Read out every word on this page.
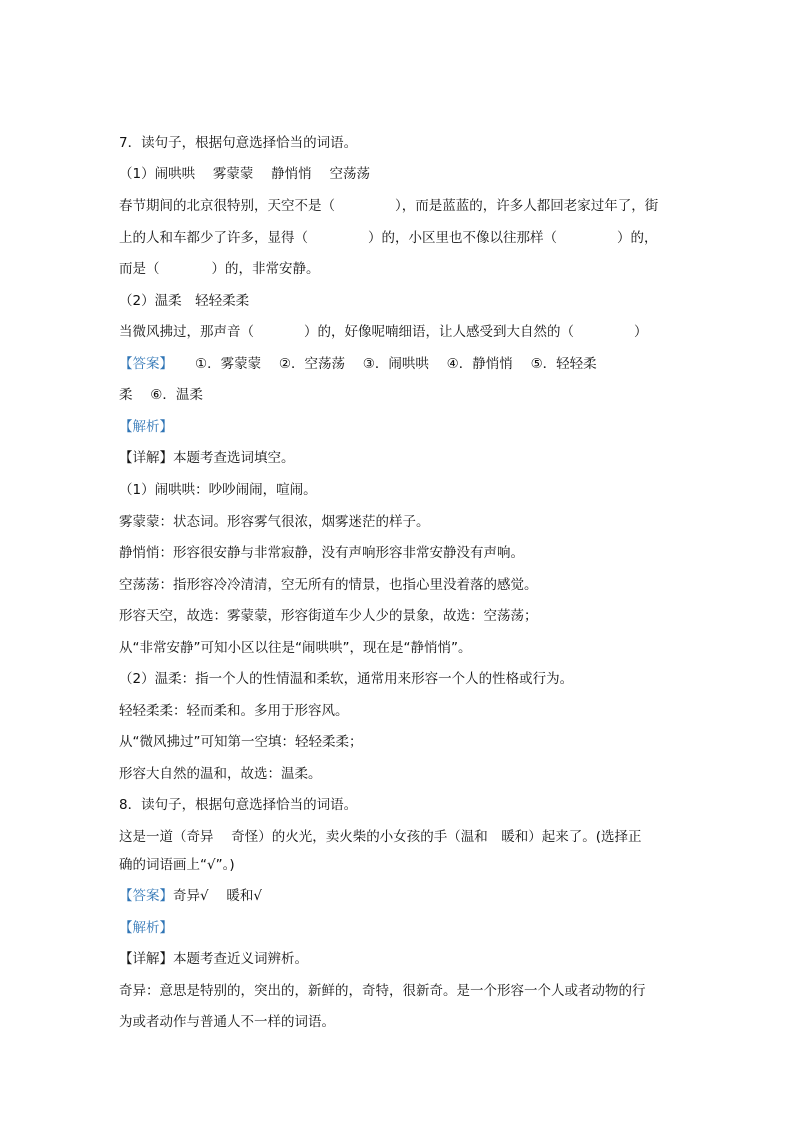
7．读句子，根据句意选择恰当的词语。
（1）闹哄哄　 雾蒙蒙　 静悄悄　 空荡荡
春节期间的北京很特别，天空不是（	），而是蓝蓝的，许多人都回老家过年了，街
上的人和车都少了许多，显得（	）的，小区里也不像以往那样（	）的，
而是（	）的，非常安静。
（2）温柔　轻轻柔柔
当微风拂过，那声音（	）的，好像呢喃细语，让人感受到大自然的（	）
【答案】 ①．雾蒙蒙　 ②．空荡荡　 ③．闹哄哄　 ④．静悄悄　 ⑤．轻轻柔
柔　 ⑥．温柔
【解析】
【详解】本题考查选词填空。
（1）闹哄哄：吵吵闹闹，喧闹。
雾蒙蒙：状态词。形容雾气很浓，烟雾迷茫的样子。
静悄悄：形容很安静与非常寂静，没有声响形容非常安静没有声响。
空荡荡：指形容冷冷清清，空无所有的情景，也指心里没着落的感觉。
形容天空，故选：雾蒙蒙，形容街道车少人少的景象，故选：空荡荡；
从“非常安静”可知小区以往是“闹哄哄”，现在是“静悄悄”。
（2）温柔：指一个人的性情温和柔软，通常用来形容一个人的性格或行为。
轻轻柔柔：轻而柔和。多用于形容风。
从“微风拂过”可知第一空填：轻轻柔柔；
形容大自然的温和，故选：温柔。
8．读句子，根据句意选择恰当的词语。
这是一道（奇异　 奇怪）的火光，卖火柴的小女孩的手（温和　暖和）起来了。(选择正
确的词语画上“√”。)
【答案】奇异√　 暖和√
【解析】
【详解】本题考查近义词辨析。
奇异：意思是特别的，突出的，新鲜的，奇特，很新奇。是一个形容一个人或者动物的行
为或者动作与普通人不一样的词语。
